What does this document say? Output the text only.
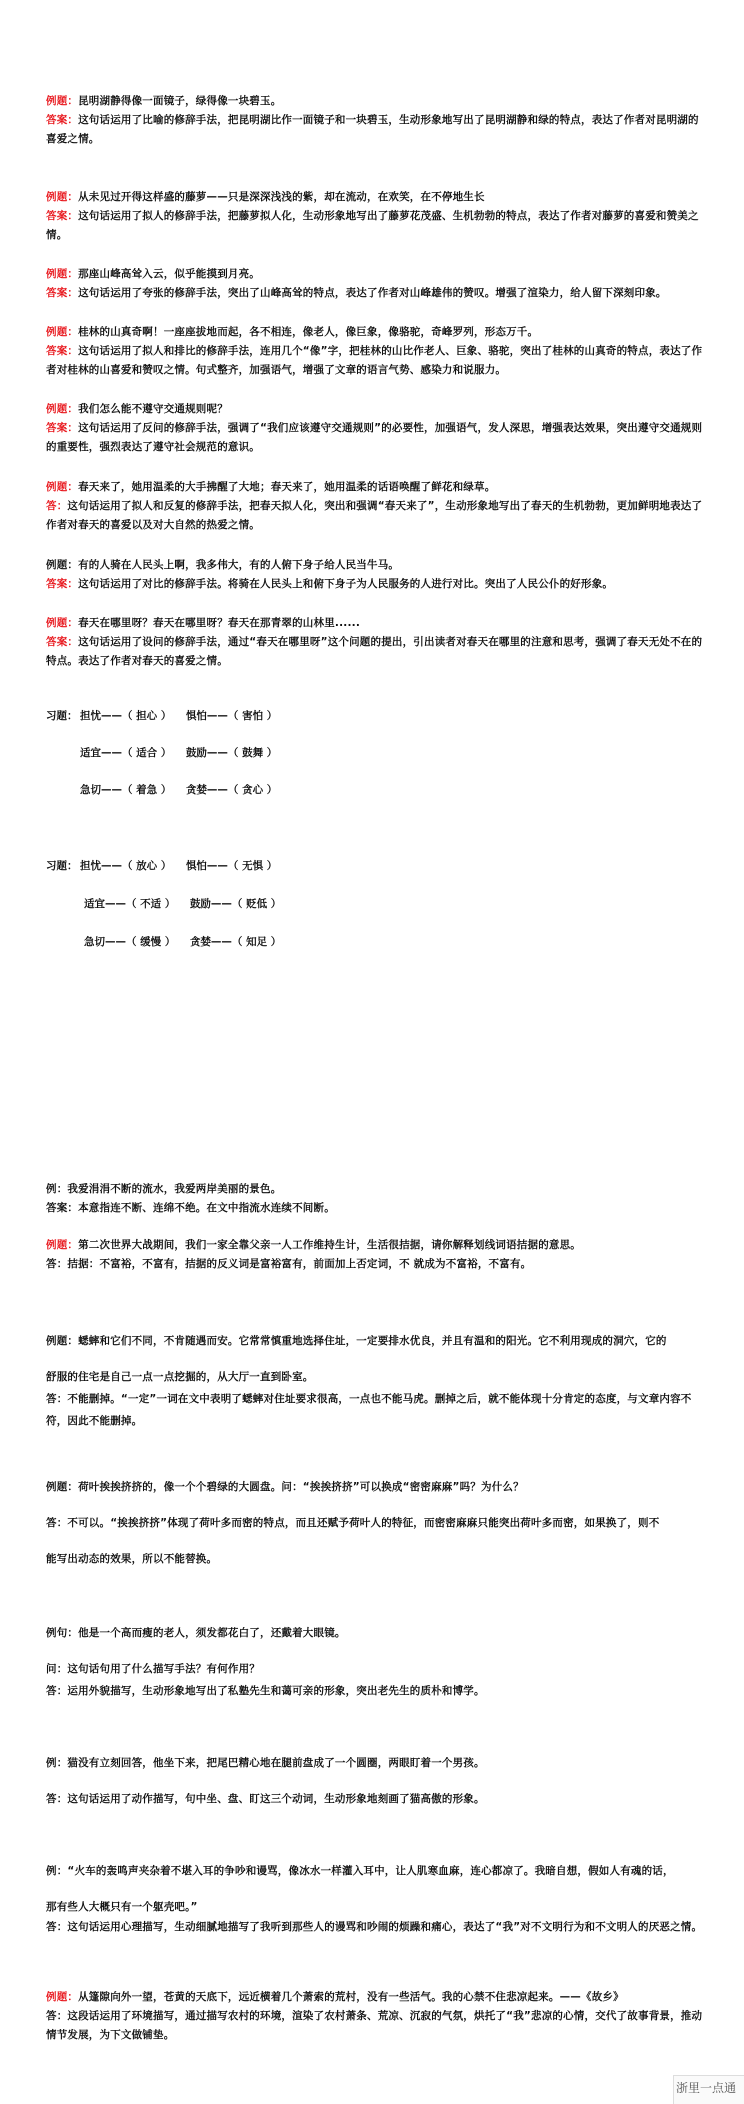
例题：昆明湖静得像一面镜子，绿得像一块碧玉。
答案：这句话运用了比喻的修辞手法，把昆明湖比作一面镜子和一块碧玉，生动形象地写出了昆明湖静和绿的特点，表达了作者对昆明湖的喜爱之情。
例题：从未见过开得这样盛的藤萝——只是深深浅浅的紫，却在流动，在欢笑，在不停地生长
答案：这句话运用了拟人的修辞手法，把藤萝拟人化，生动形象地写出了藤萝花茂盛、生机勃勃的特点，表达了作者对藤萝的喜爱和赞美之情。
例题：那座山峰高耸入云，似乎能摸到月亮。
答案：这句话运用了夸张的修辞手法，突出了山峰高耸的特点，表达了作者对山峰雄伟的赞叹。增强了渲染力，给人留下深刻印象。
例题：桂林的山真奇啊！一座座拔地而起，各不相连，像老人，像巨象，像骆驼，奇峰罗列，形态万千。
答案：这句话运用了拟人和排比的修辞手法，连用几个“像”字，把桂林的山比作老人、巨象、骆驼，突出了桂林的山真奇的特点，表达了作者对桂林的山喜爱和赞叹之情。句式整齐，加强语气，增强了文章的语言气势、感染力和说服力。
例题：我们怎么能不遵守交通规则呢？
答案：这句话运用了反问的修辞手法，强调了“我们应该遵守交通规则”的必要性，加强语气，发人深思，增强表达效果，突出遵守交通规则的重要性，强烈表达了遵守社会规范的意识。
例题：春天来了，她用温柔的大手拂醒了大地；春天来了，她用温柔的话语唤醒了鲜花和绿草。
答：这句话运用了拟人和反复的修辞手法，把春天拟人化，突出和强调“春天来了”，生动形象地写出了春天的生机勃勃，更加鲜明地表达了作者对春天的喜爱以及对大自然的热爱之情。
例题：有的人骑在人民头上啊，我多伟大，有的人俯下身子给人民当牛马。
答案：这句话运用了对比的修辞手法。将骑在人民头上和俯下身子为人民服务的人进行对比。突出了人民公仆的好形象。
例题：春天在哪里呀？春天在哪里呀？春天在那青翠的山林里......
答案：这句话运用了设问的修辞手法，通过“春天在哪里呀”这个问题的提出，引出读者对春天在哪里的注意和思考，强调了春天无处不在的特点。表达了作者对春天的喜爱之情。
习题： 担忧——（ 担心 ） 惧怕——（ 害怕 ）
适宜——（ 适合 ） 鼓励——（ 鼓舞 ）
急切——（ 着急 ） 贪婪——（ 贪心 ）
习题： 担忧——（ 放心 ） 惧怕——（ 无惧 ）
适宜——（ 不适 ） 鼓励——（ 贬低 ）
急切——（ 缓慢 ） 贪婪——（ 知足 ）
例：我爱涓涓不断的流水，我爱两岸美丽的景色。
答案：本意指连不断、连绵不绝。在文中指流水连续不间断。
例题：第二次世界大战期间，我们一家全靠父亲一人工作维持生计，生活很拮据，请你解释划线词语拮据的意思。
答：拮据：不富裕，不富有，拮据的反义词是富裕富有，前面加上否定词，不 就成为不富裕，不富有。
例题：蟋蟀和它们不同，不肯随遇而安。它常常慎重地选择住址，一定要排水优良，并且有温和的阳光。它不利用现成的洞穴，它的
舒服的住宅是自己一点一点挖掘的，从大厅一直到卧室。
答：不能删掉。“一定”一词在文中表明了蟋蟀对住址要求很高，一点也不能马虎。删掉之后，就不能体现十分肯定的态度，与文章内容不符，因此不能删掉。
例题：荷叶挨挨挤挤的，像一个个碧绿的大圆盘。问：“挨挨挤挤”可以换成“密密麻麻”吗？为什么？
答：不可以。“挨挨挤挤”体现了荷叶多而密的特点，而且还赋予荷叶人的特征，而密密麻麻只能突出荷叶多而密，如果换了，则不
能写出动态的效果，所以不能替换。
例句：他是一个高而瘦的老人，须发都花白了，还戴着大眼镜。
问：这句话句用了什么描写手法？有何作用？
答：运用外貌描写，生动形象地写出了私塾先生和蔼可亲的形象，突出老先生的质朴和博学。
例：猫没有立刻回答，他坐下来，把尾巴精心地在腿前盘成了一个圆圈，两眼盯着一个男孩。
答：这句话运用了动作描写，句中坐、盘、盯这三个动词，生动形象地刻画了猫高傲的形象。
例：“火车的轰鸣声夹杂着不堪入耳的争吵和谩骂，像冰水一样灌入耳中，让人肌寒血麻，连心都凉了。我暗自想，假如人有魂的话，
那有些人大概只有一个躯壳吧。”
答：这句话运用心理描写，生动细腻地描写了我听到那些人的谩骂和吵闹的烦躁和痛心，表达了“我”对不文明行为和不文明人的厌恶之情。
例题：从篷隙向外一望，苍黄的天底下，远近横着几个萧索的荒村，没有一些活气。我的心禁不住悲凉起来。——《故乡》
答：这段话运用了环境描写，通过描写农村的环境，渲染了农村萧条、荒凉、沉寂的气氛，烘托了“我”悲凉的心情，交代了故事背景，推动情节发展，为下文做铺垫。
浙里一点通
